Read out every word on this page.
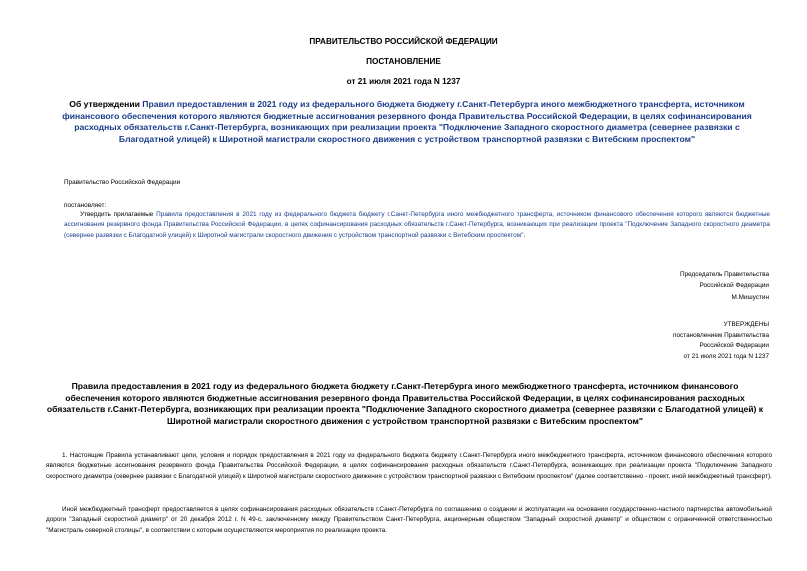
ПРАВИТЕЛЬСТВО РОССИЙСКОЙ ФЕДЕРАЦИИ
ПОСТАНОВЛЕНИЕ
от 21 июля 2021 года N 1237
Об утверждении Правил предоставления в 2021 году из федерального бюджета бюджету г.Санкт-Петербурга иного межбюджетного трансферта, источником финансового обеспечения которого являются бюджетные ассигнования резервного фонда Правительства Российской Федерации, в целях софинансирования расходных обязательств г.Санкт-Петербурга, возникающих при реализации проекта "Подключение Западного скоростного диаметра (севернее развязки с Благодатной улицей) к Широтной магистрали скоростного движения с устройством транспортной развязки с Витебским проспектом"
Правительство Российской Федерации
постановляет:
Утвердить прилагаемые Правила предоставления в 2021 году из федерального бюджета бюджету г.Санкт-Петербурга иного межбюджетного трансферта, источником финансового обеспечения которого являются бюджетные ассигнования резервного фонда Правительства Российской Федерации, в целях софинансирования расходных обязательств г.Санкт-Петербурга, возникающих при реализации проекта "Подключение Западного скоростного диаметра (севернее развязки с Благодатной улицей) к Широтной магистрали скоростного движения с устройством транспортной развязки с Витебским проспектом".
Председатель Правительства
Российской Федерации
М.Мишустин
УТВЕРЖДЕНЫ
постановлением Правительства
Российской Федерации
от 21 июля 2021 года N 1237
Правила предоставления в 2021 году из федерального бюджета бюджету г.Санкт-Петербурга иного межбюджетного трансферта, источником финансового обеспечения которого являются бюджетные ассигнования резервного фонда Правительства Российской Федерации, в целях софинансирования расходных обязательств г.Санкт-Петербурга, возникающих при реализации проекта "Подключение Западного скоростного диаметра (севернее развязки с Благодатной улицей) к Широтной магистрали скоростного движения с устройством транспортной развязки с Витебским проспектом"
1. Настоящие Правила устанавливают цели, условия и порядок предоставления в 2021 году из федерального бюджета бюджету г.Санкт-Петербурга иного межбюджетного трансферта, источником финансового обеспечения которого являются бюджетные ассигнования резервного фонда Правительства Российской Федерации, в целях софинансирования расходных обязательств г.Санкт-Петербурга, возникающих при реализации проекта "Подключение Западного скоростного диаметра (севернее развязки с Благодатной улицей) к Широтной магистрали скоростного движения с устройством транспортной развязки с Витебским проспектом" (далее соответственно - проект, иной межбюджетный трансферт).
Иной межбюджетный трансферт предоставляется в целях софинансирования расходных обязательств г.Санкт-Петербурга по соглашению о создании и эксплуатации на основании государственно-частного партнерства автомобильной дороги "Западный скоростной диаметр" от 20 декабря 2012 г. N 49-с, заключенному между Правительством Санкт-Петербурга, акционерным обществом "Западный скоростной диаметр" и обществом с ограниченной ответственностью "Магистраль северной столицы", в соответствии с которым осуществляются мероприятия по реализации проекта.
